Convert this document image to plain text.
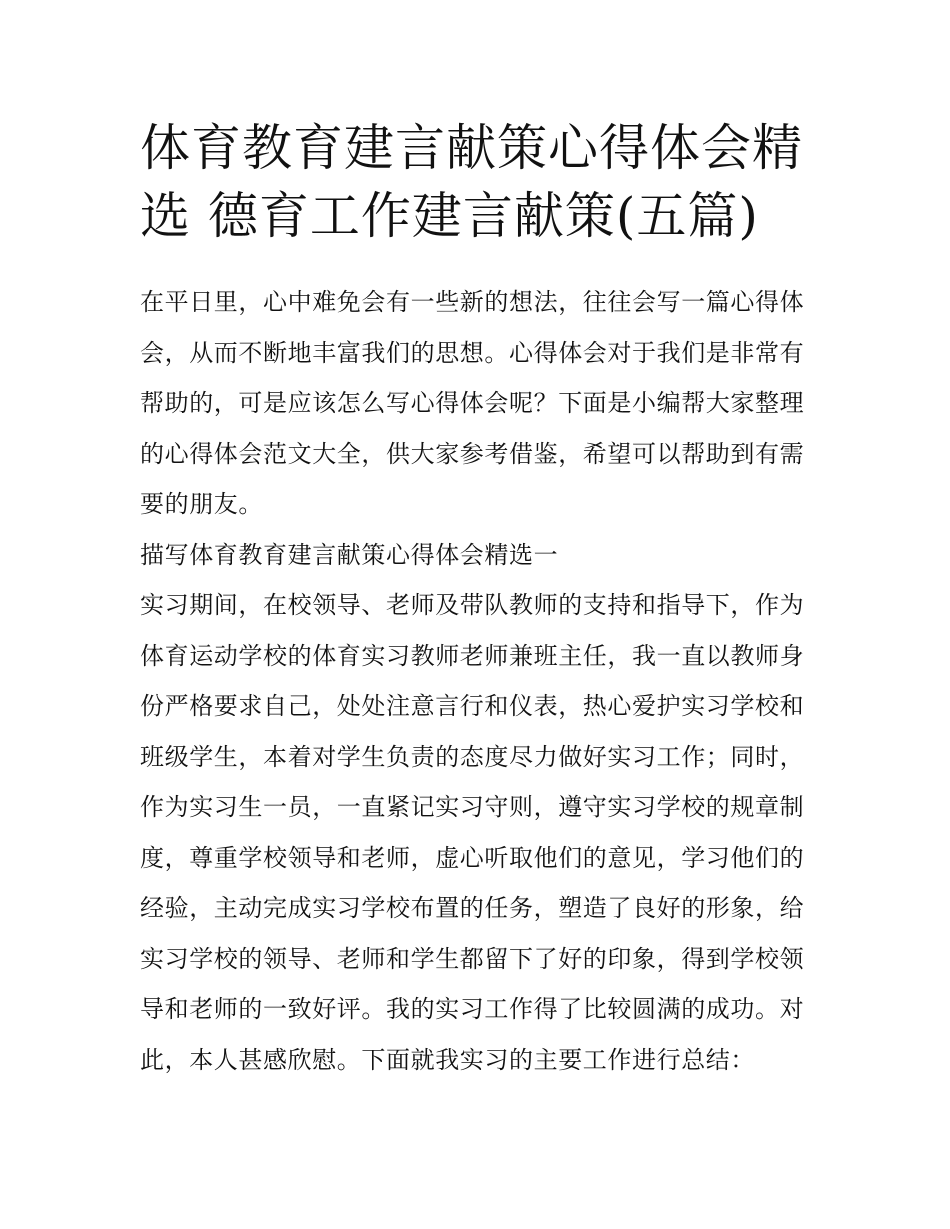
体育教育建言献策心得体会精
选 德育工作建言献策(五篇)
在平日里，心中难免会有一些新的想法，往往会写一篇心得体
会，从而不断地丰富我们的思想。心得体会对于我们是非常有
帮助的，可是应该怎么写心得体会呢？下面是小编帮大家整理
的心得体会范文大全，供大家参考借鉴，希望可以帮助到有需
要的朋友。
描写体育教育建言献策心得体会精选一
实习期间，在校领导、老师及带队教师的支持和指导下，作为
体育运动学校的体育实习教师老师兼班主任，我一直以教师身
份严格要求自己，处处注意言行和仪表，热心爱护实习学校和
班级学生，本着对学生负责的态度尽力做好实习工作；同时，
作为实习生一员，一直紧记实习守则，遵守实习学校的规章制
度，尊重学校领导和老师，虚心听取他们的意见，学习他们的
经验，主动完成实习学校布置的任务，塑造了良好的形象，给
实习学校的领导、老师和学生都留下了好的印象，得到学校领
导和老师的一致好评。我的实习工作得了比较圆满的成功。对
此，本人甚感欣慰。下面就我实习的主要工作进行总结：
